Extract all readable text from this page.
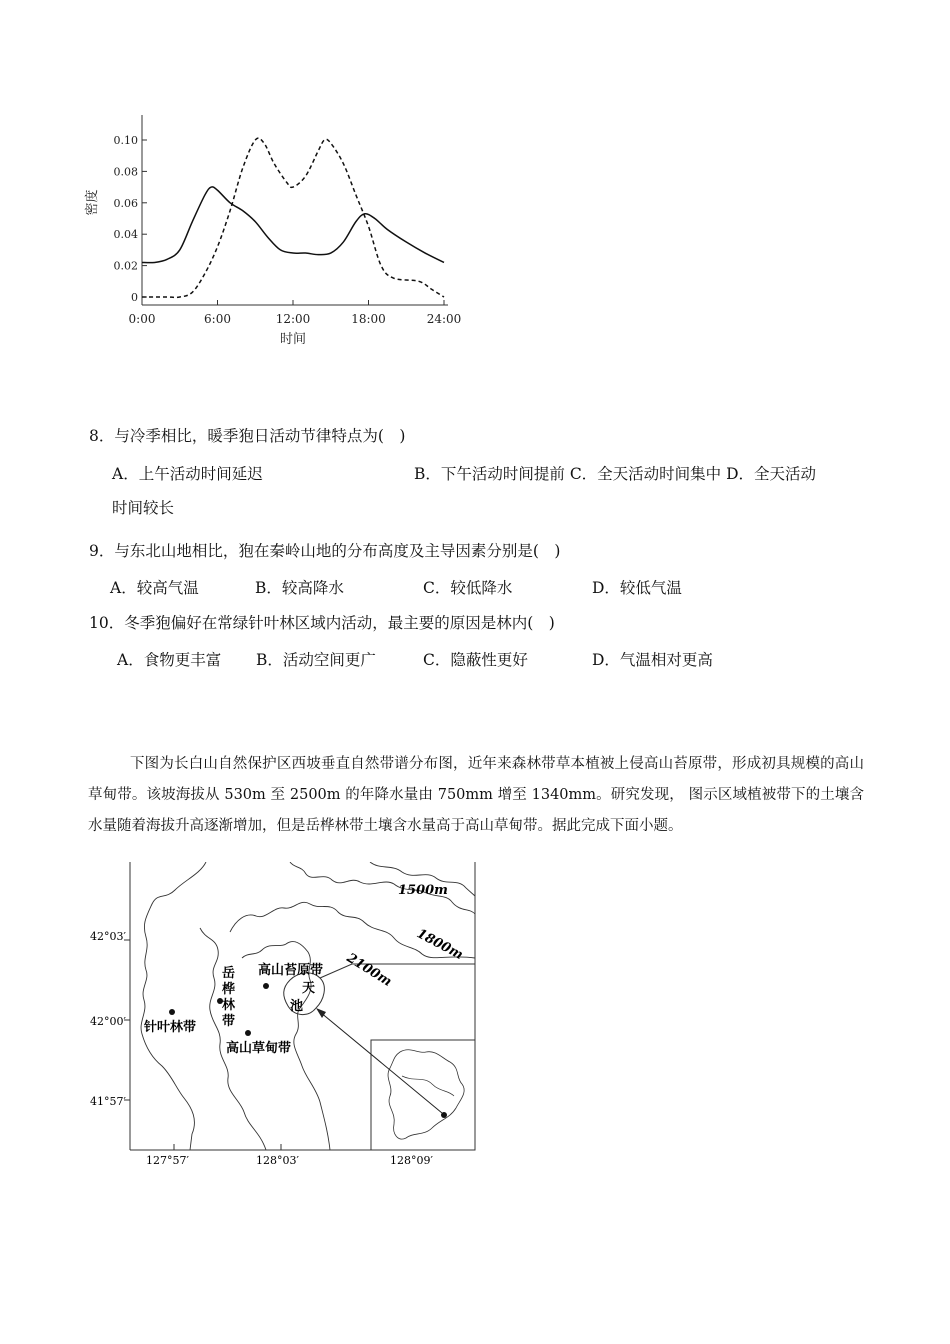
0
0.02
0.04
0.06
0.08
0.10
0:00	6:00	12:00	18:00	24:00
时间
密度
8．与冷季相比，暖季狍日活动节律特点为(　)
A．上午活动时间延迟	B．下午活动时间提前 C．全天活动时间集中 D．全天活动
时间较长
9．与东北山地相比，狍在秦岭山地的分布高度及主导因素分别是(　)
A．较高气温	B．较高降水	C．较低降水	D．较低气温
10．冬季狍偏好在常绿针叶林区域内活动，最主要的原因是林内(　)
A．食物更丰富 B．活动空间更广	C．隐蔽性更好	D．气温相对更高
下图为长白山自然保护区西坡垂直自然带谱分布图，近年来森林带草本植被上侵高山苔原带，形成初具规模的高山草甸带。该坡海拔从 530m 至 2500m 的年降水量由 750mm 增至 1340mm。研究发现， 图示区域植被带下的土壤含水量随着海拔升高逐渐增加，但是岳桦林带土壤含水量高于高山草甸带。据此完成下面小题。
42°03′
42°00′
41°57′
127°57′	128°03′	128°09′
1500m
1800m
2100m
高山苔原带
岳
桦
林
带
针叶林带
高山草甸带
天
池
